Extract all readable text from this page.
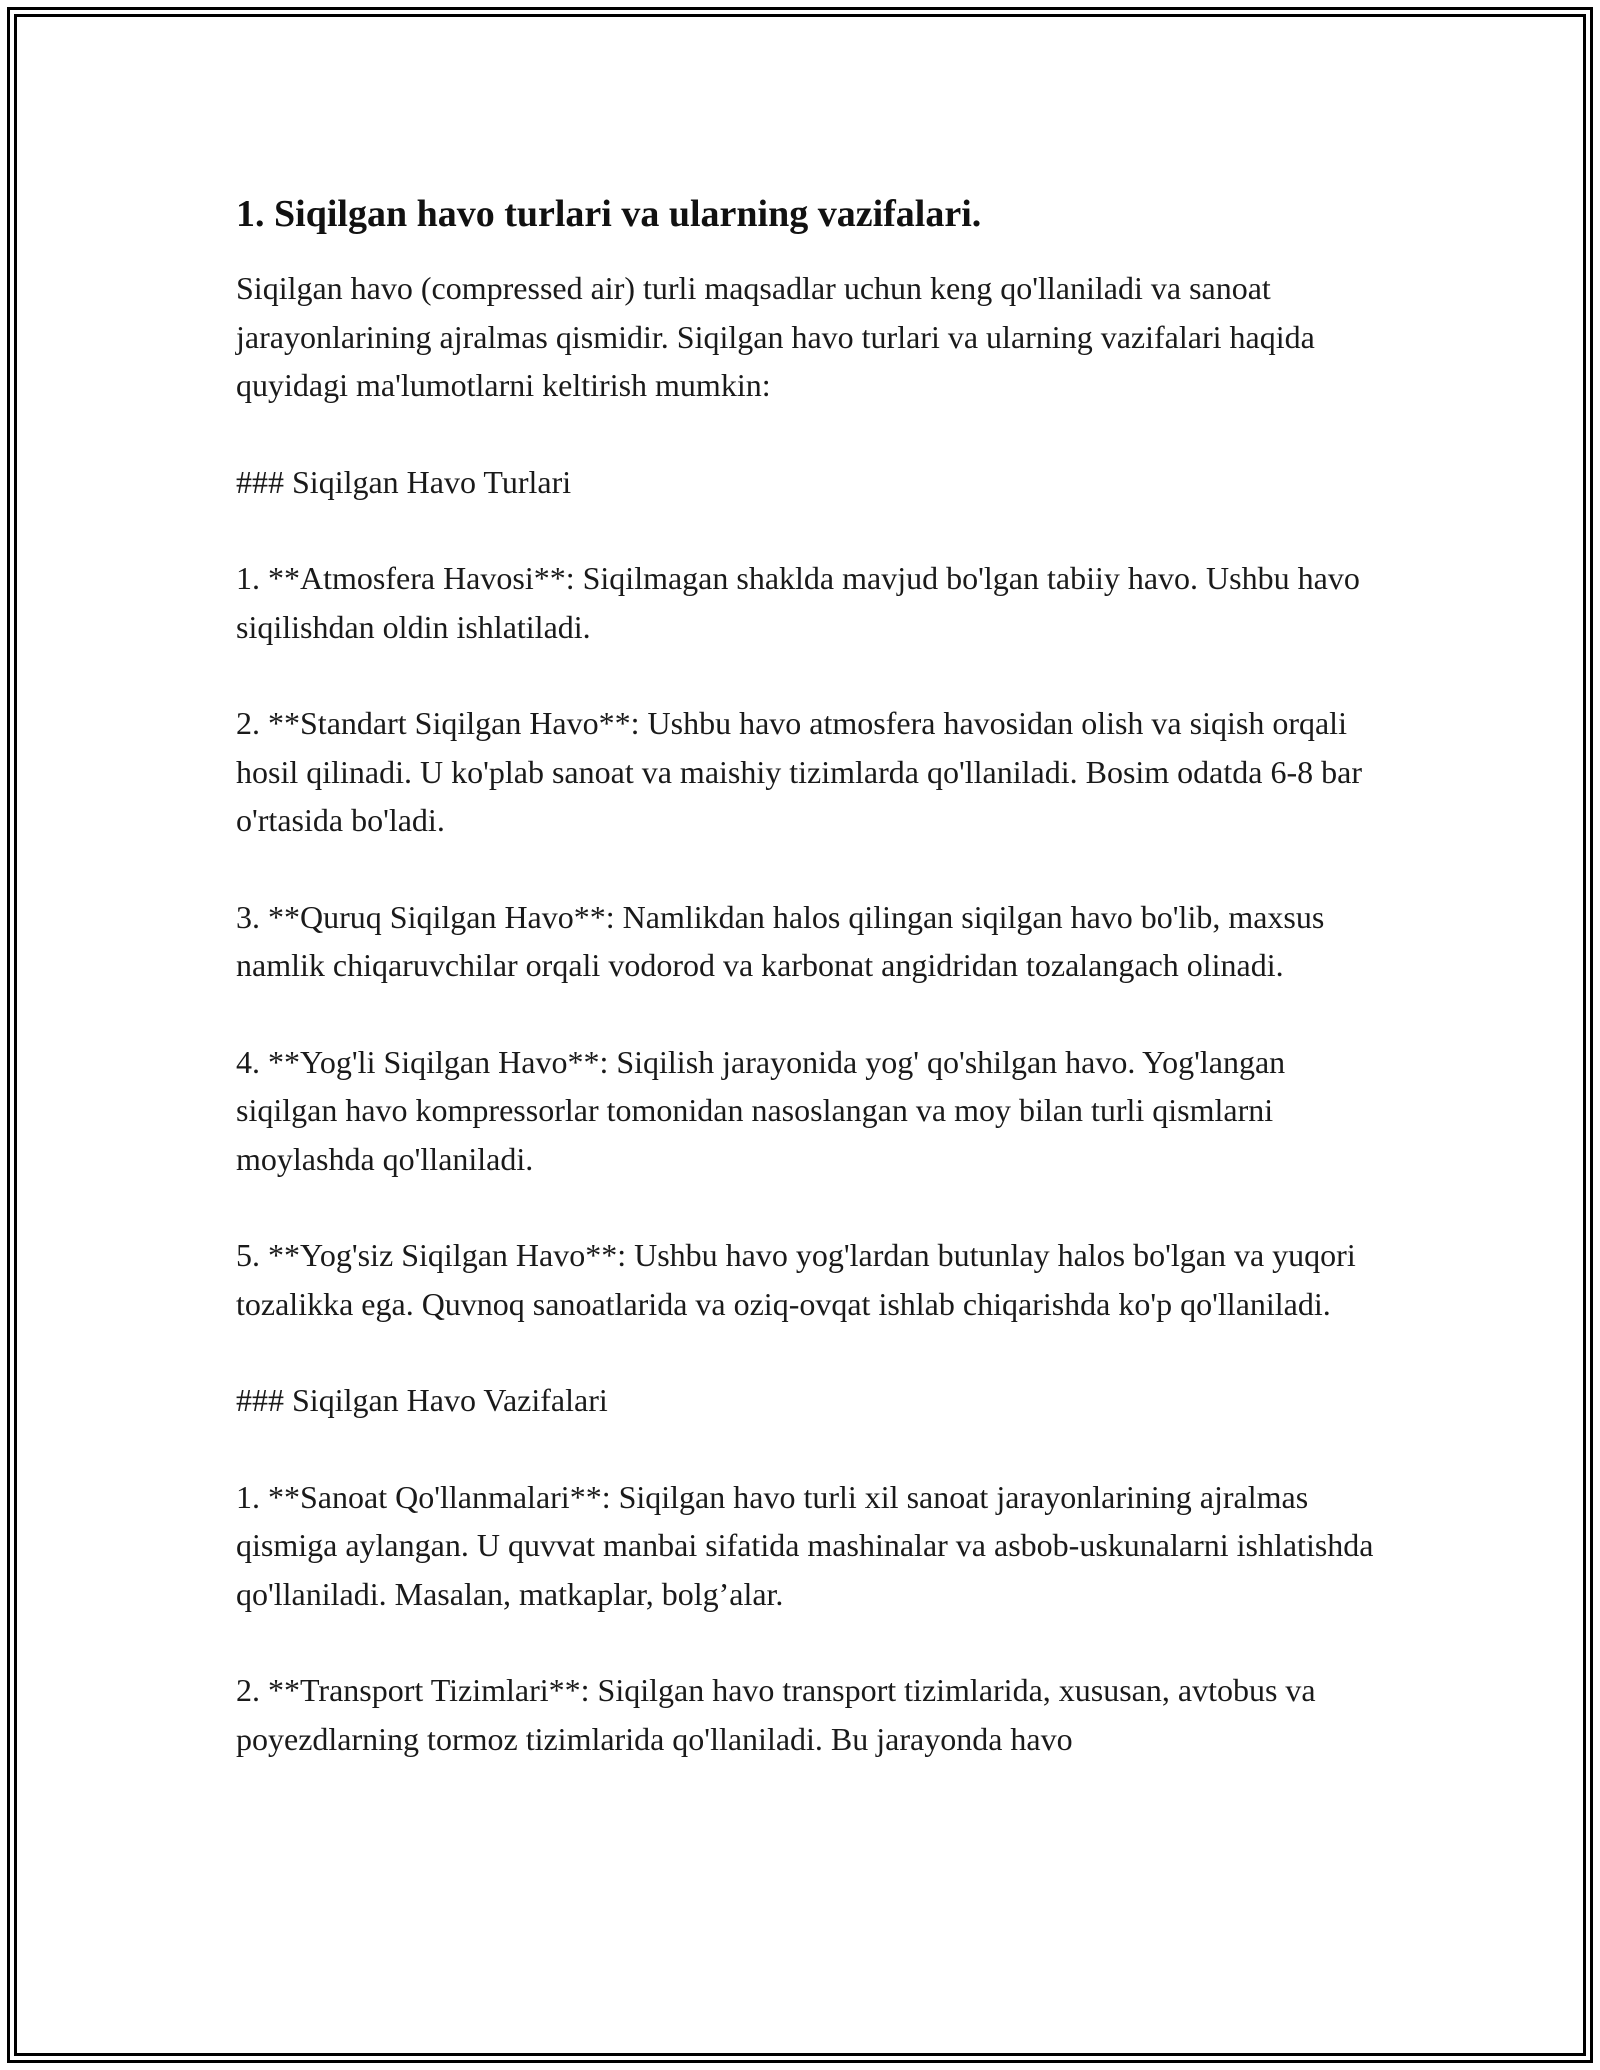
1. Siqilgan havo turlari va ularning vazifalari.

Siqilgan havo (compressed air) turli maqsadlar uchun keng qo'llaniladi va sanoat jarayonlarining ajralmas qismidir. Siqilgan havo turlari va ularning vazifalari haqida quyidagi ma'lumotlarni keltirish mumkin:

### Siqilgan Havo Turlari

1. **Atmosfera Havosi**: Siqilmagan shaklda mavjud bo'lgan tabiiy havo. Ushbu havo siqilishdan oldin ishlatiladi.

2. **Standart Siqilgan Havo**: Ushbu havo atmosfera havosidan olish va siqish orqali hosil qilinadi. U ko'plab sanoat va maishiy tizimlarda qo'llaniladi. Bosim odatda 6-8 bar o'rtasida bo'ladi.

3. **Quruq Siqilgan Havo**: Namlikdan halos qilingan siqilgan havo bo'lib, maxsus namlik chiqaruvchilar orqali vodorod va karbonat angidridan tozalangach olinadi.

4. **Yog'li Siqilgan Havo**: Siqilish jarayonida yog' qo'shilgan havo. Yog'langan siqilgan havo kompressorlar tomonidan nasoslangan va moy bilan turli qismlarni moylashda qo'llaniladi.

5. **Yog'siz Siqilgan Havo**: Ushbu havo yog'lardan butunlay halos bo'lgan va yuqori tozalikka ega. Quvnoq sanoatlarida va oziq-ovqat ishlab chiqarishda ko'p qo'llaniladi.

### Siqilgan Havo Vazifalari

1. **Sanoat Qo'llanmalari**: Siqilgan havo turli xil sanoat jarayonlarining ajralmas qismiga aylangan. U quvvat manbai sifatida mashinalar va asbob-uskunalarni ishlatishda qo'llaniladi. Masalan, matkaplar, bolg’alar.

2. **Transport Tizimlari**: Siqilgan havo transport tizimlarida, xususan, avtobus va poyezdlarning tormoz tizimlarida qo'llaniladi. Bu jarayonda havo
